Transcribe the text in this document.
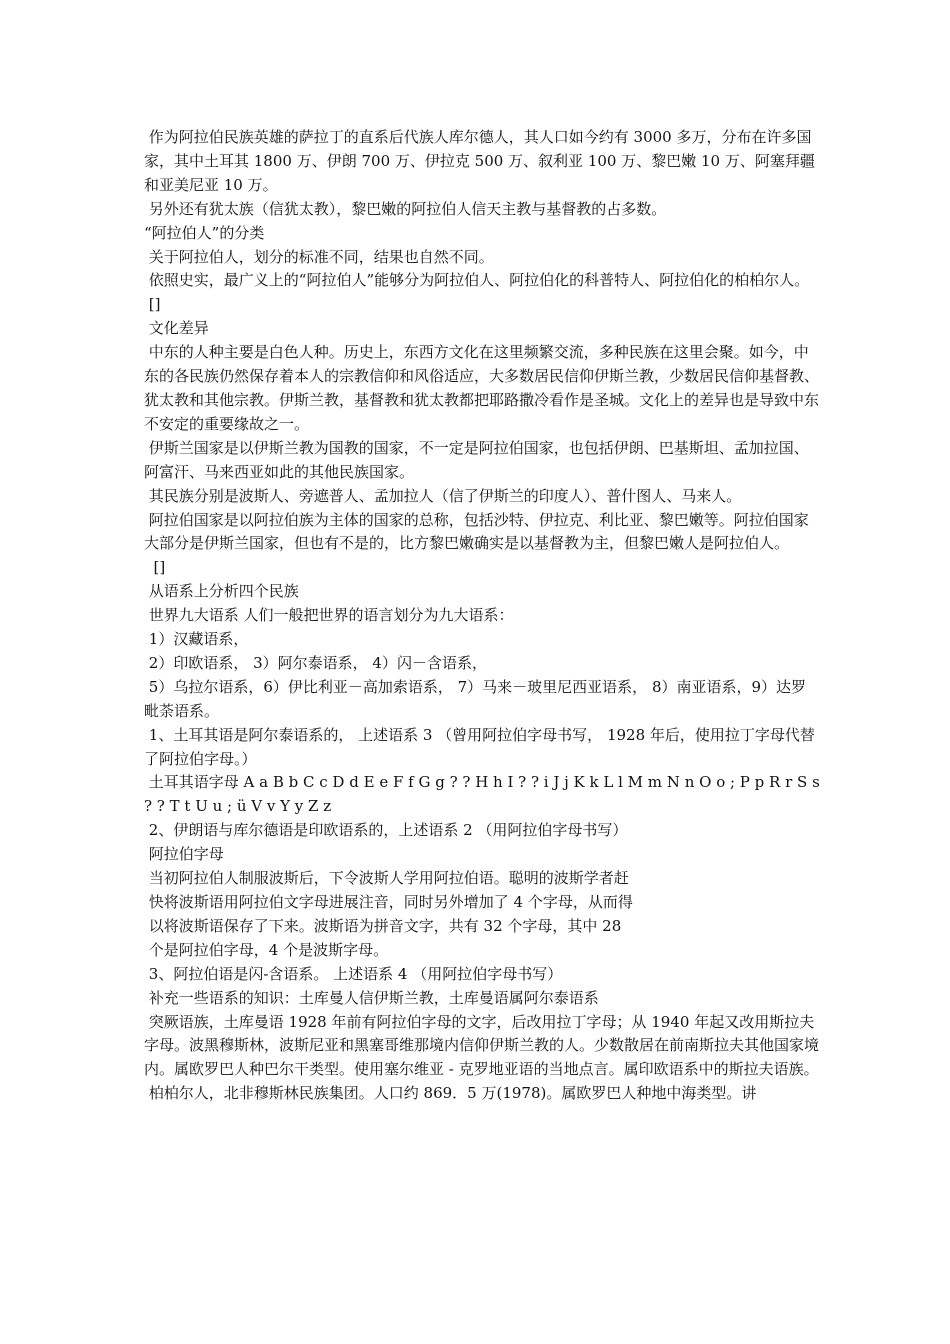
作为阿拉伯民族英雄的萨拉丁的直系后代族人库尔德人，其人口如今约有 3000 多万，分布在许多国家，其中土耳其 1800 万、伊朗 700 万、伊拉克 500 万、叙利亚 100 万、黎巴嫩 10 万、阿塞拜疆和亚美尼亚 10 万。

另外还有犹太族（信犹太教），黎巴嫩的阿拉伯人信天主教与基督教的占多数。

“阿拉伯人”的分类

关于阿拉伯人，划分的标准不同，结果也自然不同。

依照史实，最广义上的“阿拉伯人”能够分为阿拉伯人、阿拉伯化的科普特人、阿拉伯化的柏柏尔人。

[]

文化差异

中东的人种主要是白色人种。历史上，东西方文化在这里频繁交流，多种民族在这里会聚。如今，中东的各民族仍然保存着本人的宗教信仰和风俗适应，大多数居民信仰伊斯兰教，少数居民信仰基督教、犹太教和其他宗教。伊斯兰教，基督教和犹太教都把耶路撒冷看作是圣城。文化上的差异也是导致中东不安定的重要缘故之一。

伊斯兰国家是以伊斯兰教为国教的国家，不一定是阿拉伯国家，也包括伊朗、巴基斯坦、孟加拉国、阿富汗、马来西亚如此的其他民族国家。

其民族分别是波斯人、旁遮普人、孟加拉人（信了伊斯兰的印度人）、普什图人、马来人。

阿拉伯国家是以阿拉伯族为主体的国家的总称，包括沙特、伊拉克、利比亚、黎巴嫩等。阿拉伯国家大部分是伊斯兰国家，但也有不是的，比方黎巴嫩确实是以基督教为主，但黎巴嫩人是阿拉伯人。

[]

从语系上分析四个民族

世界九大语系 人们一般把世界的语言划分为九大语系：

1）汉藏语系，

2）印欧语系， 3）阿尔泰语系， 4）闪－含语系，

5）乌拉尔语系，6）伊比利亚－高加索语系， 7）马来－玻里尼西亚语系， 8）南亚语系，9）达罗毗荼语系。

1、土耳其语是阿尔泰语系的， 上述语系 3 （曾用阿拉伯字母书写， 1928 年后，使用拉丁字母代替了阿拉伯字母。）

土耳其语字母 A a B b C c D d E e F f G g ? ? H h I ? ? i J j K k L l M m N n O o ; P p R r S s ? ? T t U u ; ü V v Y y Z z

2、伊朗语与库尔德语是印欧语系的，上述语系 2 （用阿拉伯字母书写）

阿拉伯字母

当初阿拉伯人制服波斯后，下令波斯人学用阿拉伯语。聪明的波斯学者赶

快将波斯语用阿拉伯文字母进展注音，同时另外增加了 4 个字母，从而得

以将波斯语保存了下来。波斯语为拼音文字，共有 32 个字母，其中 28

个是阿拉伯字母，4 个是波斯字母。

3、阿拉伯语是闪-含语系。 上述语系 4 （用阿拉伯字母书写）

补充一些语系的知识：土库曼人信伊斯兰教，土库曼语属阿尔泰语系

突厥语族，土库曼语 1928 年前有阿拉伯字母的文字，后改用拉丁字母；从 1940 年起又改用斯拉夫字母。波黑穆斯林，波斯尼亚和黑塞哥维那境内信仰伊斯兰教的人。少数散居在前南斯拉夫其他国家境内。属欧罗巴人种巴尔干类型。使用塞尔维亚 - 克罗地亚语的当地点言。属印欧语系中的斯拉夫语族。

柏柏尔人，北非穆斯林民族集团。人口约 869．5 万(1978)。属欧罗巴人种地中海类型。讲
